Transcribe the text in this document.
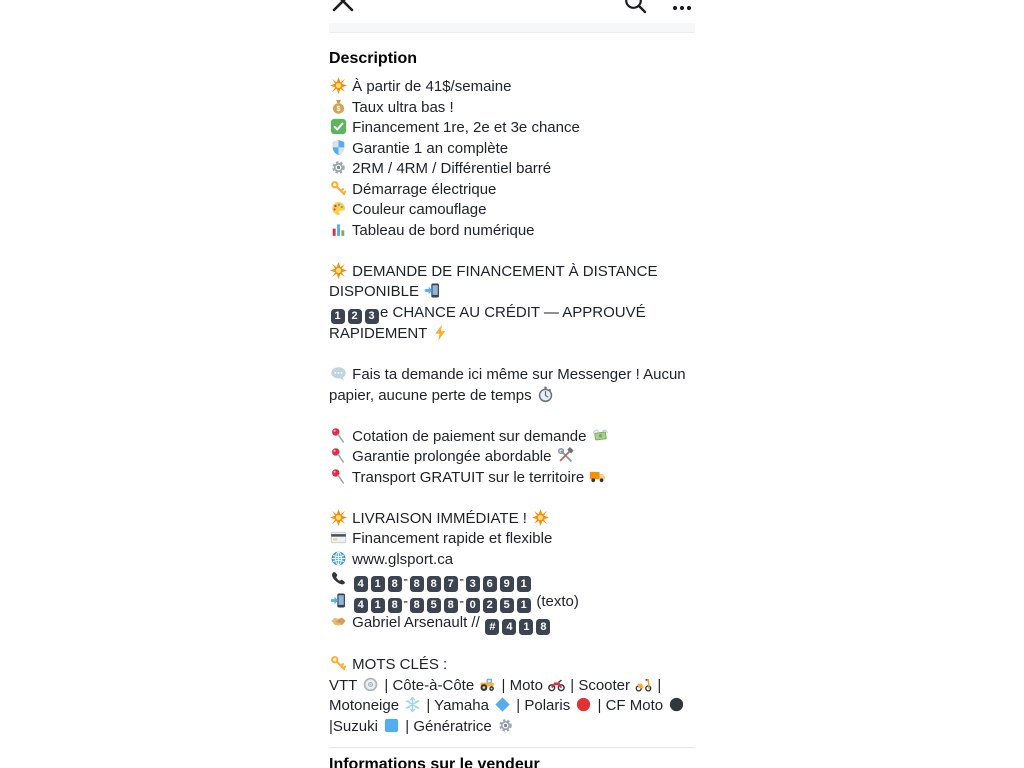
Description
À partir de 41$/semaine
$ Taux ultra bas !
Financement 1re, 2e et 3e chance
Garantie 1 an complète
2RM / 4RM / Différentiel barré
Démarrage électrique
Couleur camouflage
Tableau de bord numérique
DEMANDE DE FINANCEMENT À DISTANCE DISPONIBLE
1 2 3 e CHANCE AU CRÉDIT — APPROUVÉ RAPIDEMENT
Fais ta demande ici même sur Messenger ! Aucun papier, aucune perte de temps
Cotation de paiement sur demande
Garantie prolongée abordable
Transport GRATUIT sur le territoire
LIVRAISON IMMÉDIATE !
Financement rapide et flexible
www.glsport.ca
4 1 8 - 8 8 7 - 3 6 9 1
4 1 8 - 8 5 8 - 0 2 5 1 (texto)
Gabriel Arsenault // # 4 1 8
MOTS CLÉS :
VTT
| Côte-à-Côte
| Moto
| Scooter
| Motoneige
| Yamaha
| Polaris
| CF Moto
|Suzuki
| Génératrice
Informations sur le vendeur
